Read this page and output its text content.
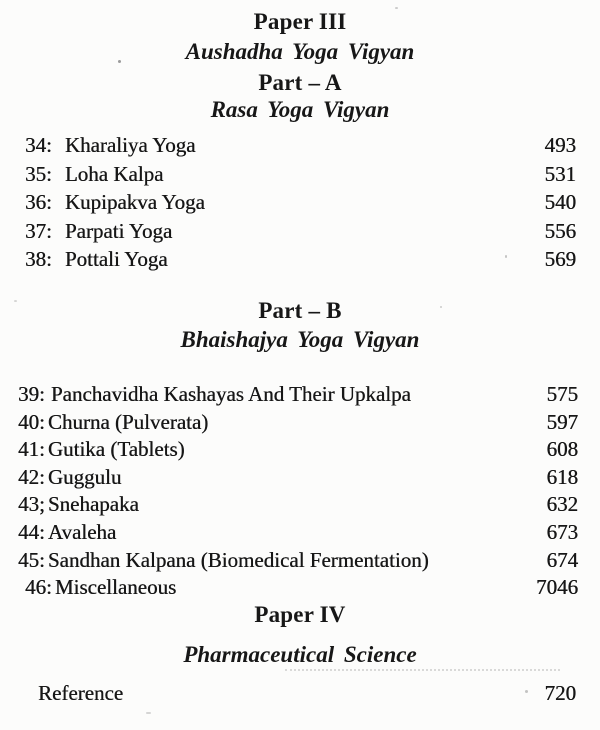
Paper III
Aushadha Yoga Vigyan
Part – A
Rasa Yoga Vigyan
34: Kharaliya Yoga	493
35: Loha Kalpa	531
36: Kupipakva Yoga	540
37: Parpati Yoga	556
38: Pottali Yoga	569
Part – B
Bhaishajya Yoga Vigyan
39: Panchavidha Kashayas And Their Upkalpa	575
40: Churna (Pulverata)	597
41: Gutika (Tablets)	608
42: Guggulu	618
43; Snehapaka	632
44: Avaleha	673
45: Sandhan Kalpana (Biomedical Fermentation)	674
46: Miscellaneous	7046
Paper IV
Pharmaceutical Science
Reference	720
